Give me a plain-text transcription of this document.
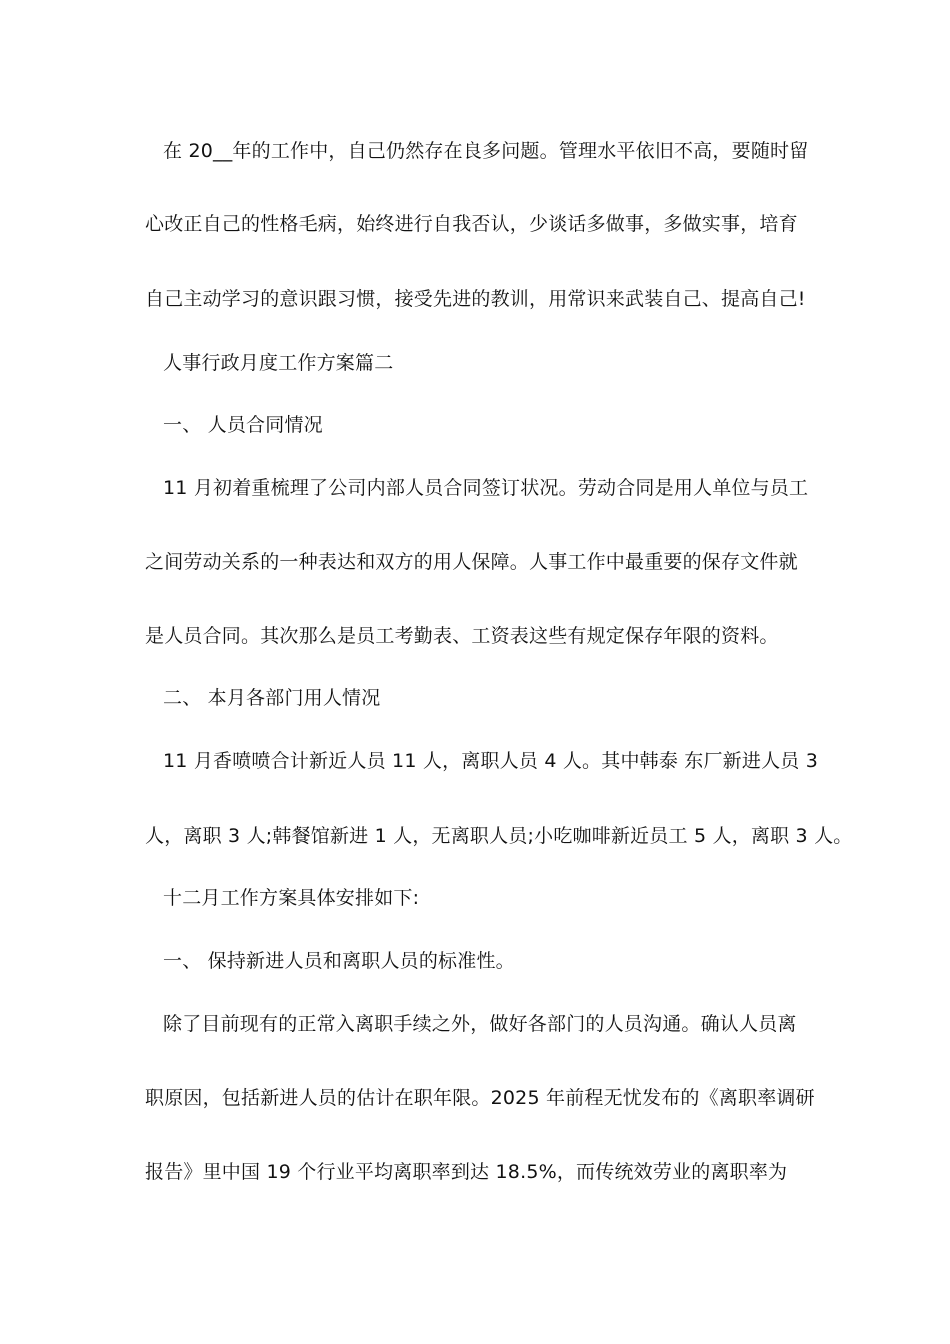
在 20__年的工作中，自己仍然存在良多问题。管理水平依旧不高，要随时留
心改正自己的性格毛病，始终进行自我否认，少谈话多做事，多做实事，培育
自己主动学习的意识跟习惯，接受先进的教训，用常识来武装自己、提高自己!
人事行政月度工作方案篇二
一、 人员合同情况
11 月初着重梳理了公司内部人员合同签订状况。劳动合同是用人单位与员工
之间劳动关系的一种表达和双方的用人保障。人事工作中最重要的保存文件就
是人员合同。其次那么是员工考勤表、工资表这些有规定保存年限的资料。
二、 本月各部门用人情况
11 月香喷喷合计新近人员 11 人，离职人员 4 人。其中韩泰 东厂新进人员 3
人，离职 3 人;韩餐馆新进 1 人，无离职人员;小吃咖啡新近员工 5 人，离职 3 人。
十二月工作方案具体安排如下:
一、 保持新进人员和离职人员的标准性。
除了目前现有的正常入离职手续之外，做好各部门的人员沟通。确认人员离
职原因，包括新进人员的估计在职年限。2025 年前程无忧发布的《离职率调研
报告》里中国 19 个行业平均离职率到达 18.5%，而传统效劳业的离职率为
